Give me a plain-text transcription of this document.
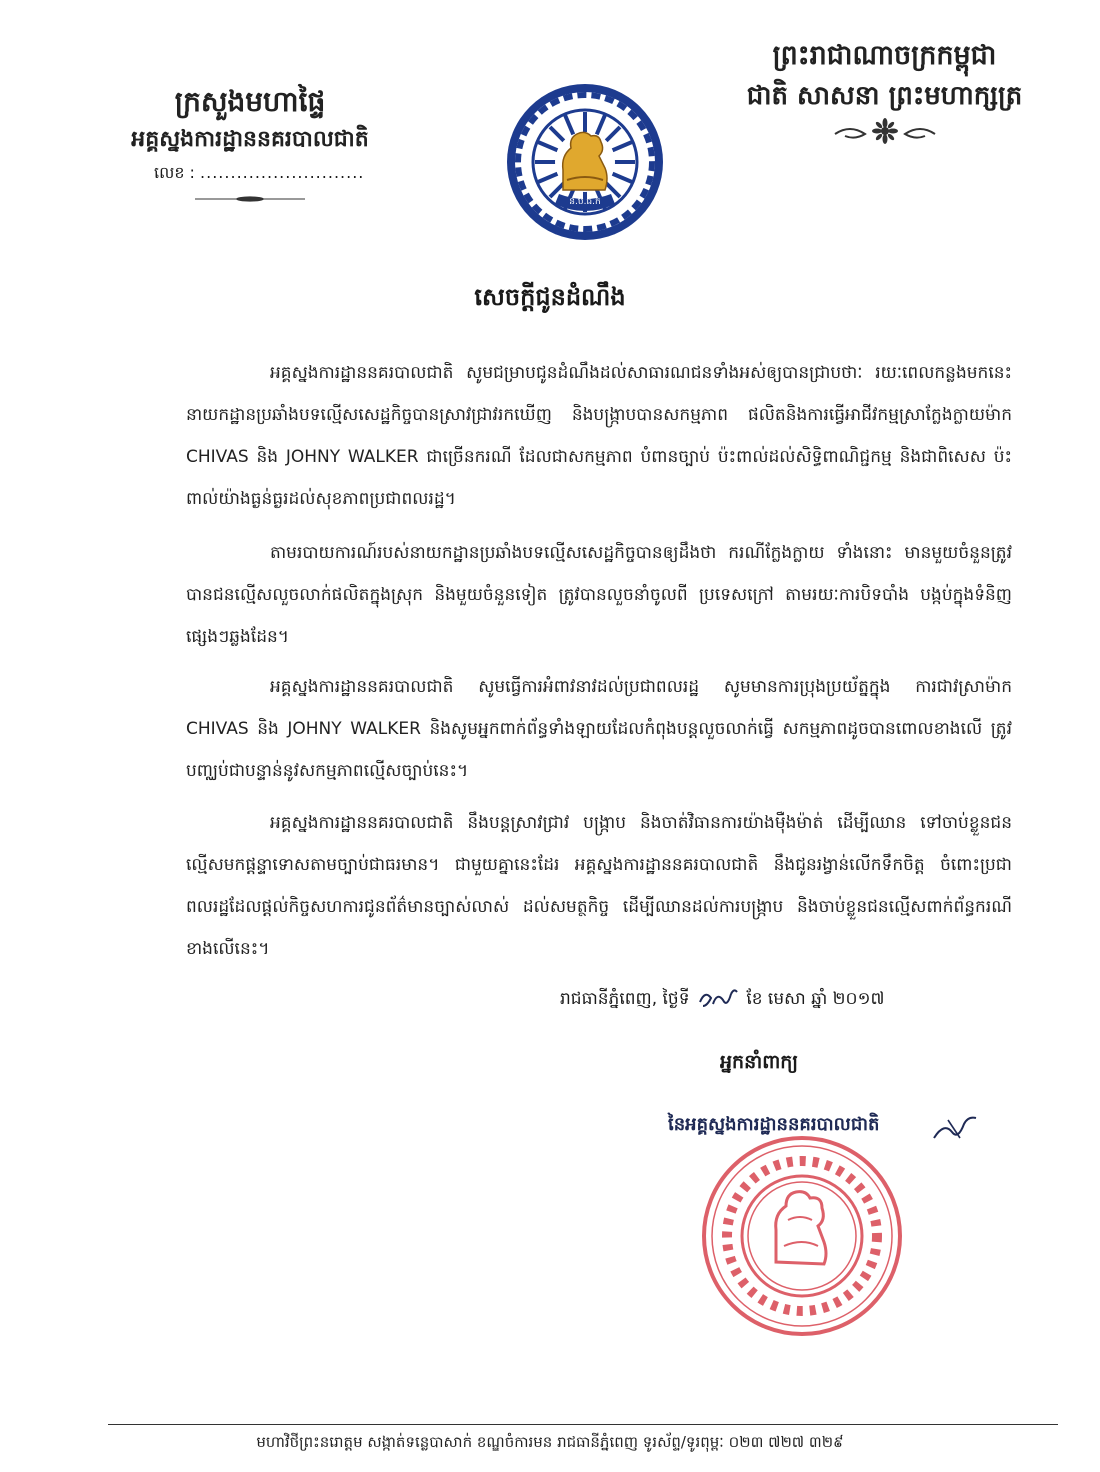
ក្រសួងមហាផ្ទៃ
អគ្គស្នងការដ្ឋាននគរបាលជាតិ
លេខ : ...........................
ន.ប.ជ.ក
ព្រះរាជាណាចក្រកម្ពុជា
ជាតិ សាសនា ព្រះមហាក្សត្រ
សេចក្តីជូនដំណឹង
អគ្គស្នងការដ្ឋាននគរបាលជាតិ សូមជម្រាបជូនដំណឹងដល់សាធារណជនទាំងអស់ឲ្យបានជ្រាបថាៈ រយៈពេលកន្លងមកនេះ នាយកដ្ឋានប្រឆាំងបទល្មើសសេដ្ឋកិច្ចបានស្រាវជ្រាវរកឃើញ និងបង្ក្រាបបានសកម្មភាព ផលិតនិងការធ្វើអាជីវកម្មស្រាក្លែងក្លាយម៉ាក CHIVAS និង JOHNY WALKER ជាច្រើនករណី ដែលជាសកម្មភាព បំពានច្បាប់ ប៉ះពាល់ដល់សិទ្ធិពាណិជ្ជកម្ម និងជាពិសេស ប៉ះពាល់យ៉ាងធ្ងន់ធ្ងរដល់សុខភាពប្រជាពលរដ្ឋ។
តាមរបាយការណ៍របស់នាយកដ្ឋានប្រឆាំងបទល្មើសសេដ្ឋកិច្ចបានឲ្យដឹងថា ករណីក្លែងក្លាយ ទាំងនោះ មានមួយចំនួនត្រូវបានជនល្មើសលួចលាក់ផលិតក្នុងស្រុក និងមួយចំនួនទៀត ត្រូវបានលួចនាំចូលពី ប្រទេសក្រៅ តាមរយៈការបិទបាំង បង្កប់ក្នុងទំនិញផ្សេងៗឆ្លងដែន។
អគ្គស្នងការដ្ឋាននគរបាលជាតិ សូមធ្វើការអំពាវនាវដល់ប្រជាពលរដ្ឋ សូមមានការប្រុងប្រយ័ត្នក្នុង ការជាវស្រាម៉ាក CHIVAS និង JOHNY WALKER និងសូមអ្នកពាក់ព័ន្ធទាំងឡាយដែលកំពុងបន្តលួចលាក់ធ្វើ សកម្មភាពដូចបានពោលខាងលើ ត្រូវបញ្ឈប់ជាបន្ទាន់នូវសកម្មភាពល្មើសច្បាប់នេះ។
អគ្គស្នងការដ្ឋាននគរបាលជាតិ នឹងបន្តស្រាវជ្រាវ បង្ក្រាប និងចាត់វិធានការយ៉ាងម៉ឺងម៉ាត់ ដើម្បីឈាន ទៅចាប់ខ្លួនជនល្មើសមកផ្តន្ទាទោសតាមច្បាប់ជាធរមាន។ ជាមួយគ្នានេះដែរ អគ្គស្នងការដ្ឋាននគរបាលជាតិ នឹងជូនរង្វាន់លើកទឹកចិត្ត ចំពោះប្រជាពលរដ្ឋដែលផ្តល់កិច្ចសហការជូនព័ត៌មានច្បាស់លាស់ ដល់សមត្ថកិច្ច ដើម្បីឈានដល់ការបង្ក្រាប និងចាប់ខ្លួនជនល្មើសពាក់ព័ន្ធករណីខាងលើនេះ។
រាជធានីភ្នំពេញ, ថ្ងៃទី	ខែ មេសា ឆ្នាំ ២០១៧
អ្នកនាំពាក្យ
នៃអគ្គស្នងការដ្ឋាននគរបាលជាតិ
មហាវិថីព្រះនរោត្តម សង្កាត់ទន្លេបាសាក់ ខណ្ឌចំការមន រាជធានីភ្នំពេញ ទូរស័ព្ទ/ទូរពុម្ពៈ ០២៣ ៧២៧ ៣២៩
